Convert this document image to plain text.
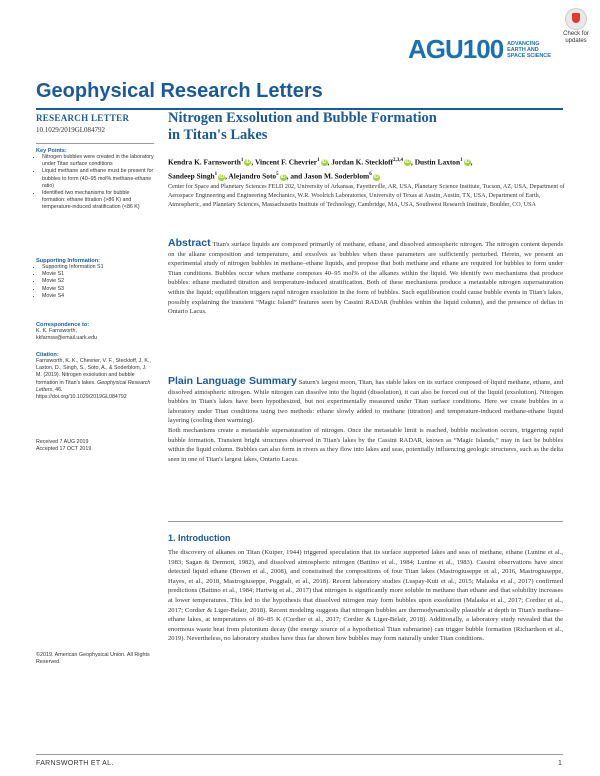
AGU100 ADVANCING
EARTH AND
SPACE SCIENCE
Check for
updates
Geophysical Research Letters
RESEARCH LETTER
10.1029/2019GL084792
Key Points:
• Nitrogen bubbles were created in the laboratory under Titan surface conditions
• Liquid methane and ethane must be present for bubbles to form (40–95 mol% methane-ethane ratio)
• Identified two mechanisms for bubble formation: ethane titration (>86 K) and temperature-induced stratification (<86 K)
Supporting Information:
• Supporting Information S1
• Movie S1
• Movie S2
• Movie S3
• Movie S4
Correspondence to:
K. K. Farnsworth,
kkfarnsw@email.uark.edu
Citation:
Farnsworth, K. K., Chevrier, V. F., Steckloff, J. K., Laxton, D., Singh, S., Soto, A., & Soderblom, J. M. (2019). Nitrogen exsolution and bubble formation in Titan's lakes. Geophysical Research Letters, 46. https://doi.org/10.1029/2019GL084792
Received 7 AUG 2019
Accepted 17 OCT 2019
©2019. American Geophysical Union. All Rights Reserved.
Nitrogen Exsolution and Bubble Formation
in Titan's Lakes
Kendra K. Farnsworth$^1$ iD, Vincent F. Chevrier$^1$ iD, Jordan K. Steckloff$^{2,3,4}$ iD, Dustin Laxton$^1$ iD,
Sandeep Singh$^1$ iD, Alejandro Soto$^5$ iD, and Jason M. Soderblom$^6$ iD
Center for Space and Planetary Sciences FELD 202, University of Arkansas, Fayetteville, AR, USA, Planetary Science Institute, Tucson, AZ, USA, Department of Aerospace Engineering and Engineering Mechanics, W.R. Woolrich Laboratories, University of Texas at Austin, Austin, TX, USA, Department of Earth, Atmospheric, and Planetary Sciences, Massachusetts Institute of Technology, Cambridge, MA, USA, Southwest Research Institute, Boulder, CO, USA
Abstract Titan's surface liquids are composed primarily of methane, ethane, and dissolved atmospheric nitrogen. The nitrogen content depends on the alkane composition and temperature, and exsolves as bubbles when these parameters are sufficiently perturbed. Herein, we present an experimental study of nitrogen bubbles in methane–ethane liquids, and propose that both methane and ethane are required for bubbles to form under Titan conditions. Bubbles occur when methane composes 40–95 mol% of the alkanes within the liquid. We identify two mechanisms that produce bubbles: ethane mediated titration and temperature-induced stratification. Both of these mechanisms produce a metastable nitrogen supersaturation within the liquid; equilibration triggers rapid nitrogen exsolution in the form of bubbles. Such equilibration could cause bubble events in Titan's lakes, possibly explaining the transient “Magic Island” features seen by Cassini RADAR (bubbles within the liquid column), and the presence of deltas in Ontario Lacus.

Plain Language Summary Saturn's largest moon, Titan, has stable lakes on its surface composed of liquid methane, ethane, and dissolved atmospheric nitrogen. While nitrogen can dissolve into the liquid (dissolution), it can also be forced out of the liquid (exsolution). Nitrogen bubbles in Titan's lakes have been hypothesized, but not experimentally measured under Titan surface conditions. Here we create bubbles in a laboratory under Titan conditions using two methods: ethane slowly added to methane (titration) and temperature-induced methane-ethane liquid layering (cooling then warming).

Both mechanisms create a metastable supersaturation of nitrogen. Once the metastable limit is reached, bubble nucleation occurs, triggering rapid bubble formation. Transient bright structures observed in Titan's lakes by the Cassini RADAR, known as “Magic Islands,” may in fact be bubbles within the liquid column. Bubbles can also form in rivers as they flow into lakes and seas, potentially influencing geologic structures, such as the delta seen in one of Titan's largest lakes, Ontario Lacus.

1. Introduction
The discovery of alkanes on Titan (Kuiper, 1944) triggered speculation that its surface supported lakes and seas of methane, ethane (Lunine et al., 1983; Sagan & Dermott, 1982), and dissolved atmospheric nitrogen (Battino et al., 1984; Lunine et al., 1983). Cassini observations have since detected liquid ethane (Brown et al., 2008), and constrained the compositions of four Titan lakes (Mastrogiuseppe et al., 2016, Mastrogiuseppe, Hayes, et al., 2018, Mastrogiuseppe, Poggiali, et al., 2018). Recent laboratory studies (Luspay-Kuti et al., 2015; Malaska et al., 2017) confirmed predictions (Battino et al., 1984; Hartwig et al., 2017) that nitrogen is significantly more soluble in methane than ethane and that solubility increases at lower temperatures. This led to the hypothesis that dissolved nitrogen may form bubbles upon exsolution (Malaska et al., 2017; Cordier et al., 2017; Cordier & Liger-Belair, 2018). Recent modeling suggests that nitrogen bubbles are thermodynamically plausible at depth in Titan's methane–ethane lakes, at temperatures of 80–85 K (Cordier et al., 2017; Cordier & Liger-Belair, 2018). Additionally, a laboratory study revealed that the enormous waste heat from plutonium decay (the energy source of a hypothetical Titan submarine) can trigger bubble formation (Richardson et al., 2019). Nevertheless, no laboratory studies have thus far shown how bubbles may form naturally under Titan conditions.
FARNSWORTH ET AL.	1
